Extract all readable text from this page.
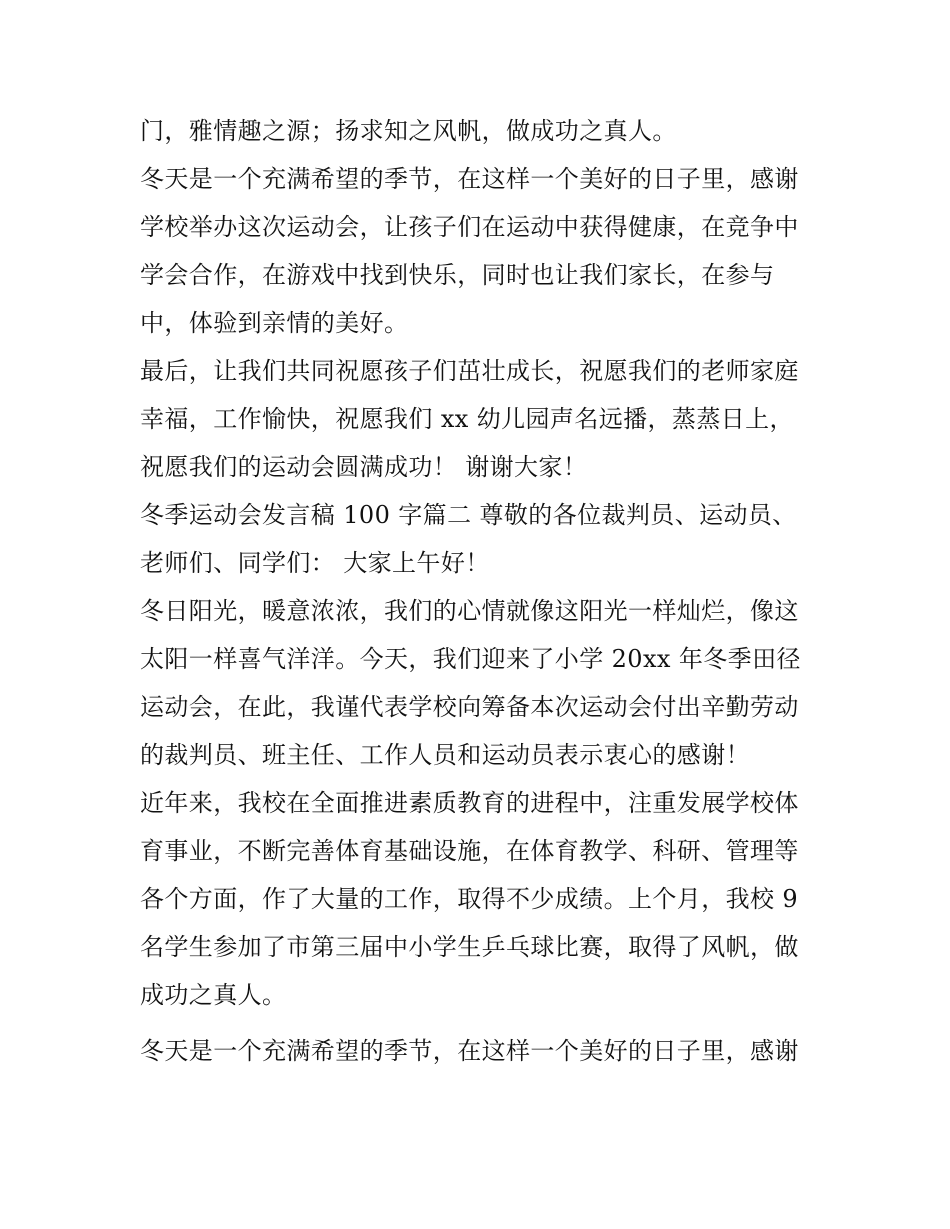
门，雅情趣之源；扬求知之风帆，做成功之真人。
冬天是一个充满希望的季节，在这样一个美好的日子里，感谢
学校举办这次运动会，让孩子们在运动中获得健康，在竞争中
学会合作，在游戏中找到快乐，同时也让我们家长，在参与
中，体验到亲情的美好。
最后，让我们共同祝愿孩子们茁壮成长，祝愿我们的老师家庭
幸福，工作愉快，祝愿我们 xx 幼儿园声名远播，蒸蒸日上，
祝愿我们的运动会圆满成功！ 谢谢大家！
冬季运动会发言稿 100 字篇二 尊敬的各位裁判员、运动员、
老师们、同学们： 大家上午好！
冬日阳光，暖意浓浓，我们的心情就像这阳光一样灿烂，像这
太阳一样喜气洋洋。今天，我们迎来了小学 20xx 年冬季田径
运动会，在此，我谨代表学校向筹备本次运动会付出辛勤劳动
的裁判员、班主任、工作人员和运动员表示衷心的感谢！
近年来，我校在全面推进素质教育的进程中，注重发展学校体
育事业，不断完善体育基础设施，在体育教学、科研、管理等
各个方面，作了大量的工作，取得不少成绩。上个月，我校 9
名学生参加了市第三届中小学生乒乓球比赛，取得了风帆，做
成功之真人。
冬天是一个充满希望的季节，在这样一个美好的日子里，感谢
